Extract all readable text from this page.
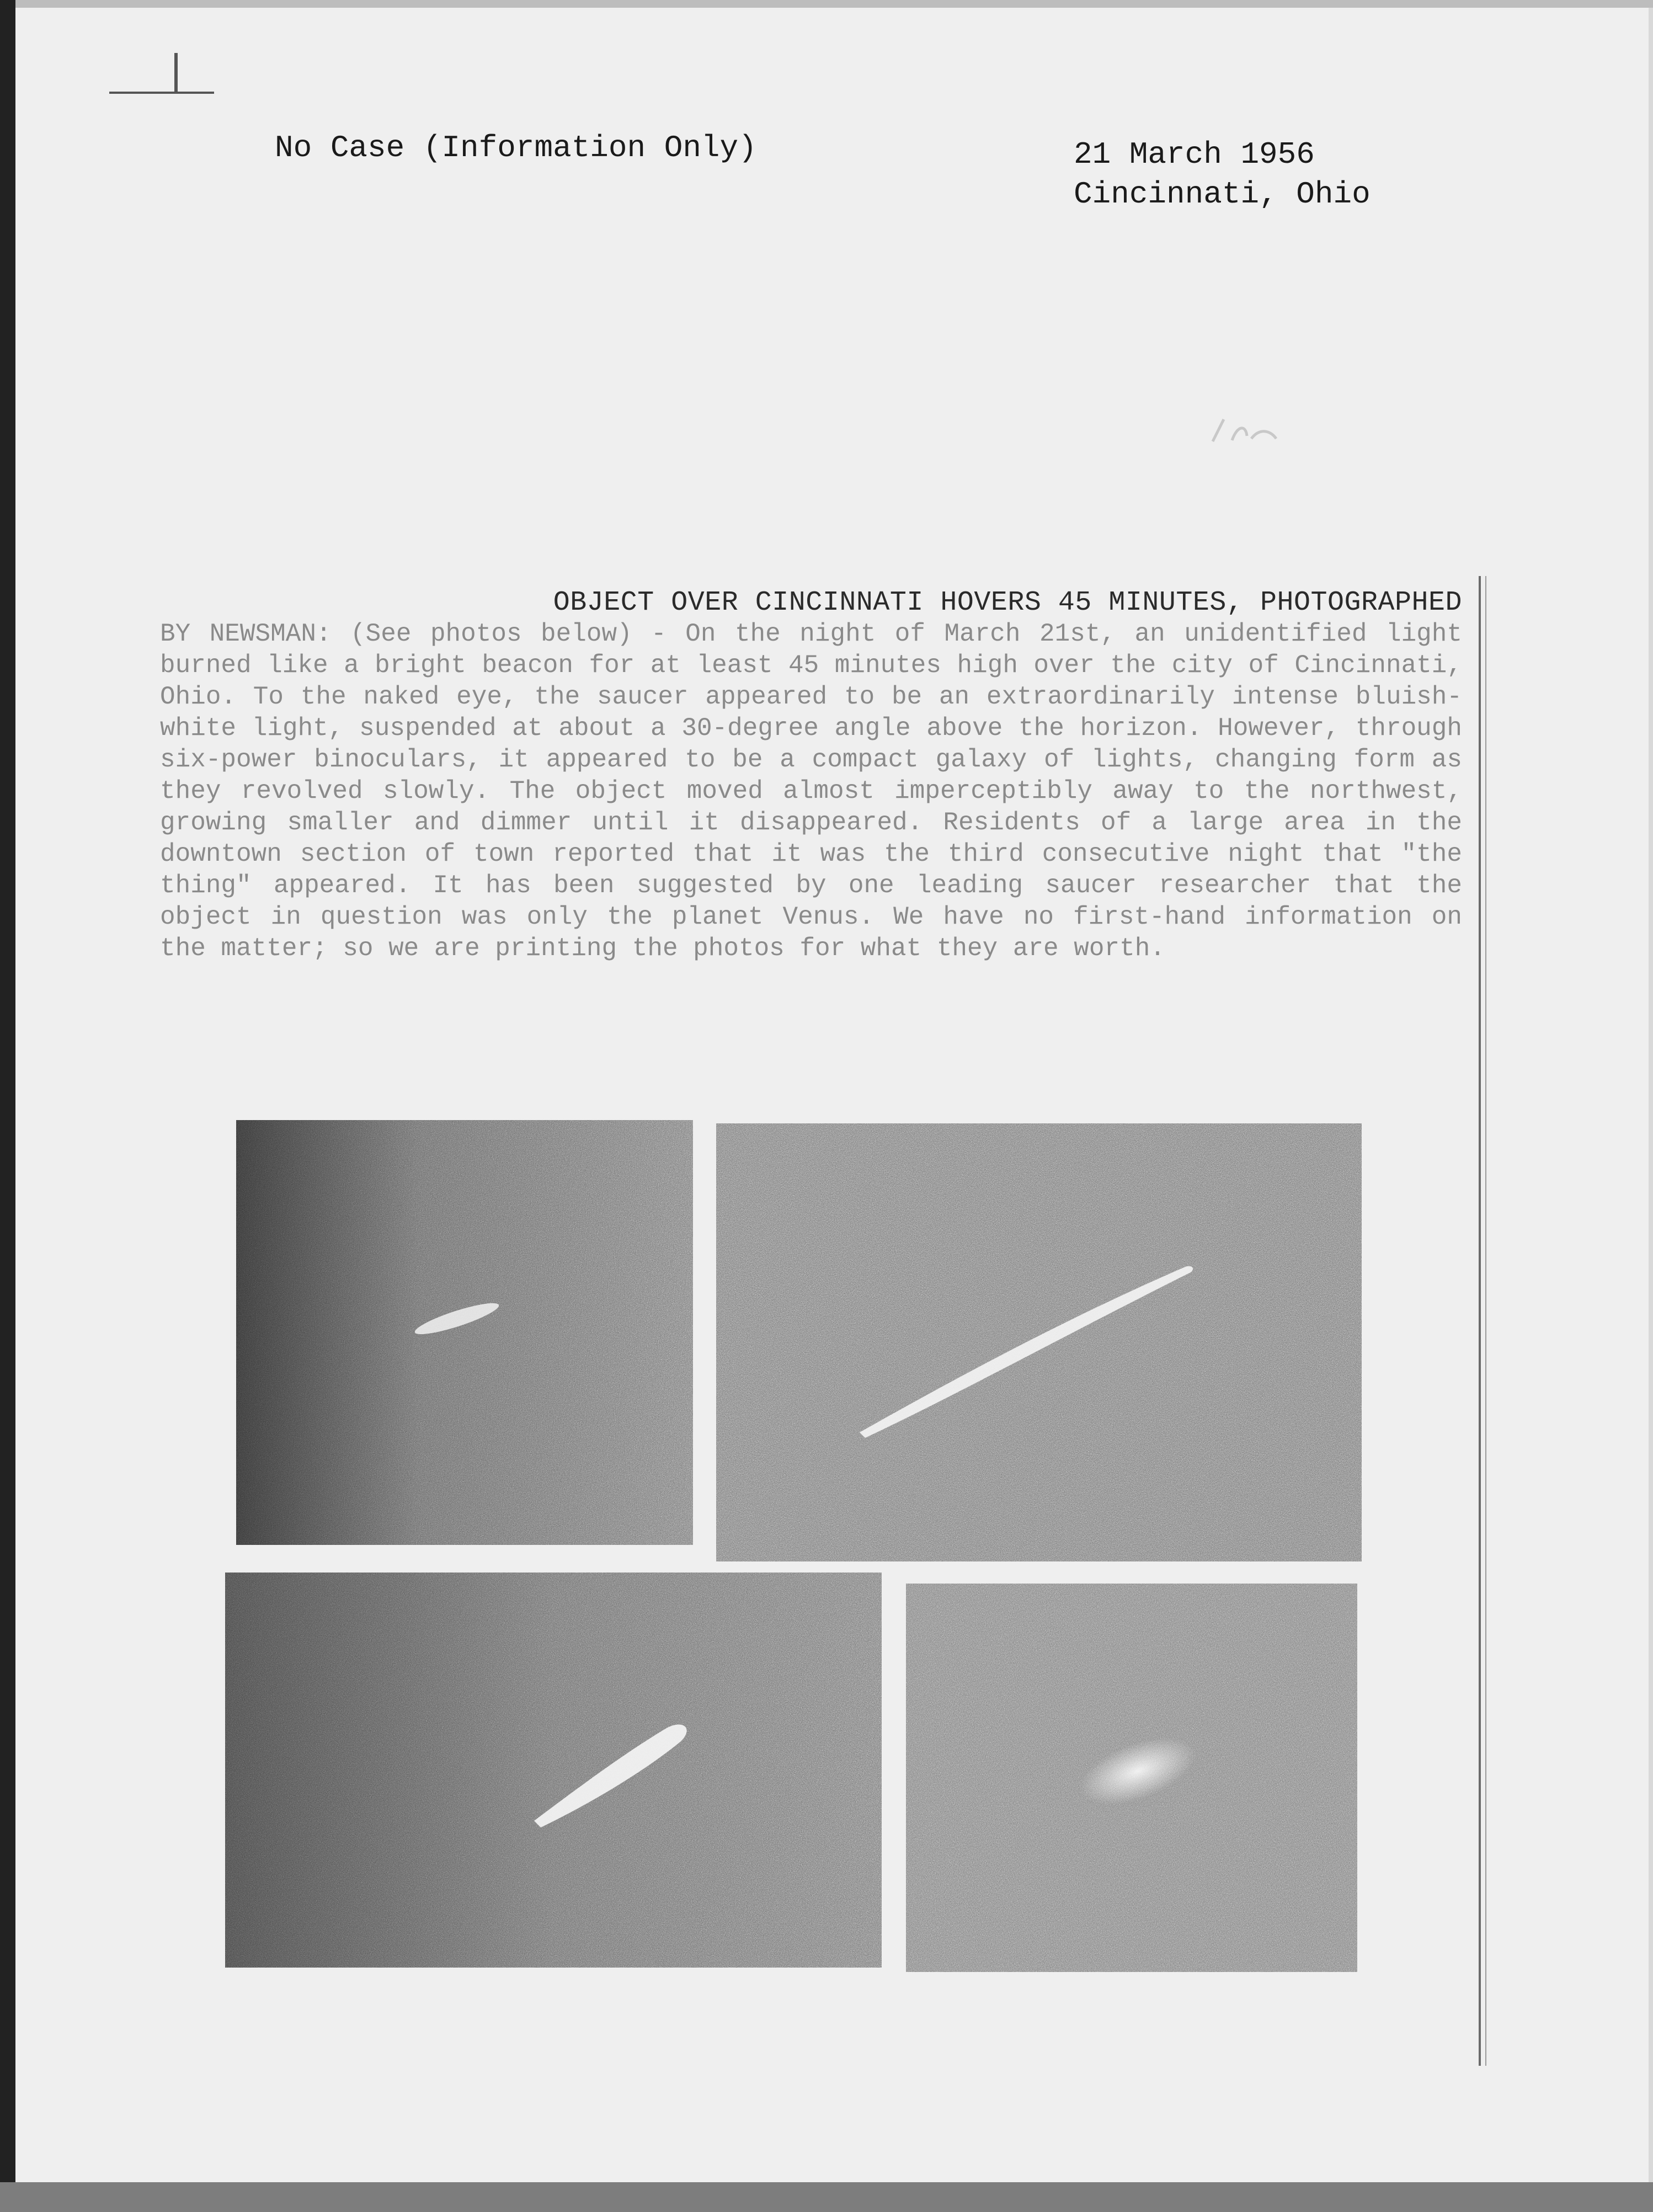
No Case (Information Only)	21 March 1956
Cincinnati, Ohio
OBJECT OVER CINCINNATI HOVERS 45 MINUTES, PHOTOGRAPHED
BY NEWSMAN: (See photos below) - On the night of March 21st, an unidentified light burned like a bright beacon for at least 45 minutes high over the city of Cincinnati, Ohio. To the naked eye, the saucer appeared to be an extraordinarily intense bluish-white light, suspended at about a 30-degree angle above the horizon. However, through six-power binoculars, it appeared to be a compact galaxy of lights, changing form as they revolved slowly. The object moved almost imperceptibly away to the northwest, growing smaller and dimmer until it disappeared. Residents of a large area in the downtown section of town reported that it was the third consecutive night that "the thing" appeared. It has been suggested by one leading saucer researcher that the object in question was only the planet Venus. We have no first-hand information on the matter; so we are printing the photos for what they are worth.
